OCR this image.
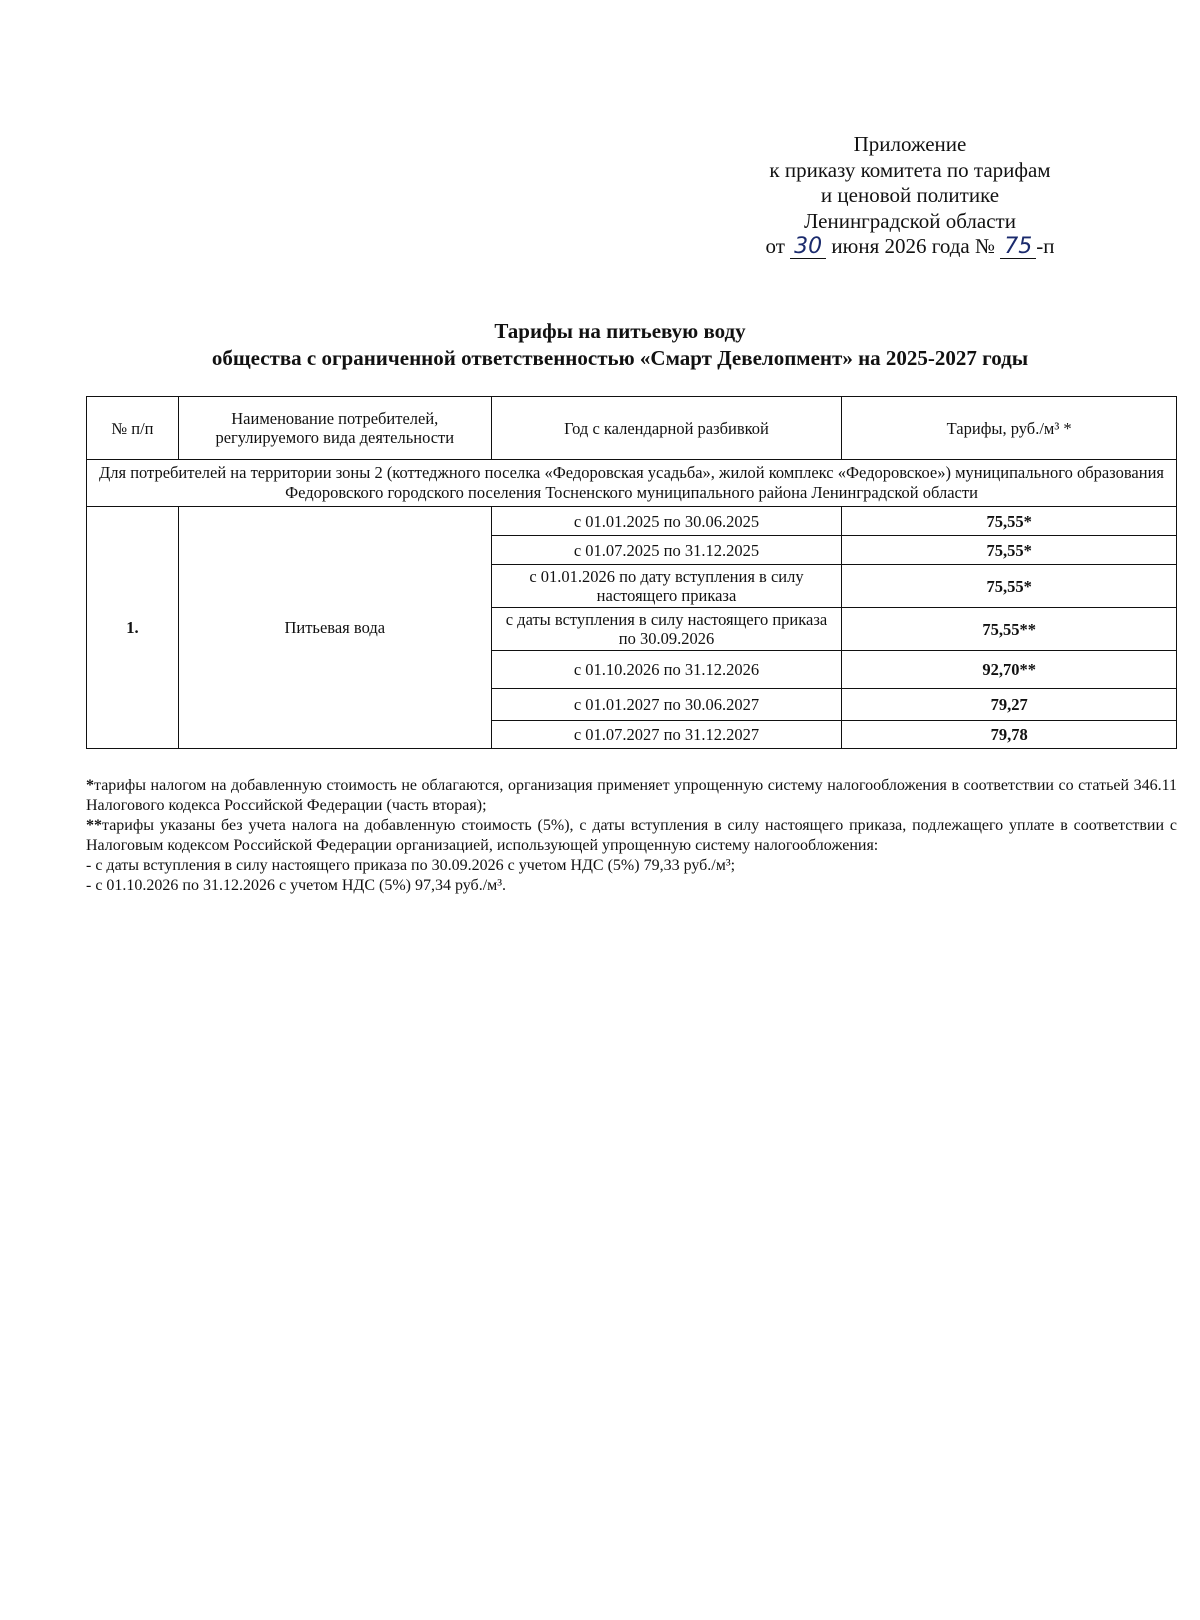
Приложение
к приказу комитета по тарифам
и ценовой политике
Ленинградской области
от 30 июня 2026 года № 75 -п
Тарифы на питьевую воду
общества с ограниченной ответственностью «Смарт Девелопмент» на 2025-2027 годы
№ п/п	Наименование потребителей, регулируемого вида деятельности	Год с календарной разбивкой	Тарифы, руб./м³ *
Для потребителей на территории зоны 2 (коттеджного поселка «Федоровская усадьба», жилой комплекс «Федоровское») муниципального образования Федоровского городского поселения Тосненского муниципального района Ленинградской области			
1.	Питьевая вода	с 01.01.2025 по 30.06.2025	75,55*
		с 01.07.2025 по 31.12.2025	75,55*
		с 01.01.2026 по дату вступления в силу настоящего приказа	75,55*
		с даты вступления в силу настоящего приказа по 30.09.2026	75,55**
		с 01.10.2026 по 31.12.2026	92,70**
		с 01.01.2027 по 30.06.2027	79,27
		с 01.07.2027 по 31.12.2027	79,78

*тарифы налогом на добавленную стоимость не облагаются, организация применяет упрощенную систему налогообложения в соответствии со статьей 346.11 Налогового кодекса Российской Федерации (часть вторая);

**тарифы указаны без учета налога на добавленную стоимость (5%), с даты вступления в силу настоящего приказа, подлежащего уплате в соответствии с Налоговым кодексом Российской Федерации организацией, использующей упрощенную систему налогообложения:

- с даты вступления в силу настоящего приказа по 30.09.2026 с учетом НДС (5%) 79,33 руб./м³;

- с 01.10.2026 по 31.12.2026 с учетом НДС (5%) 97,34 руб./м³.
